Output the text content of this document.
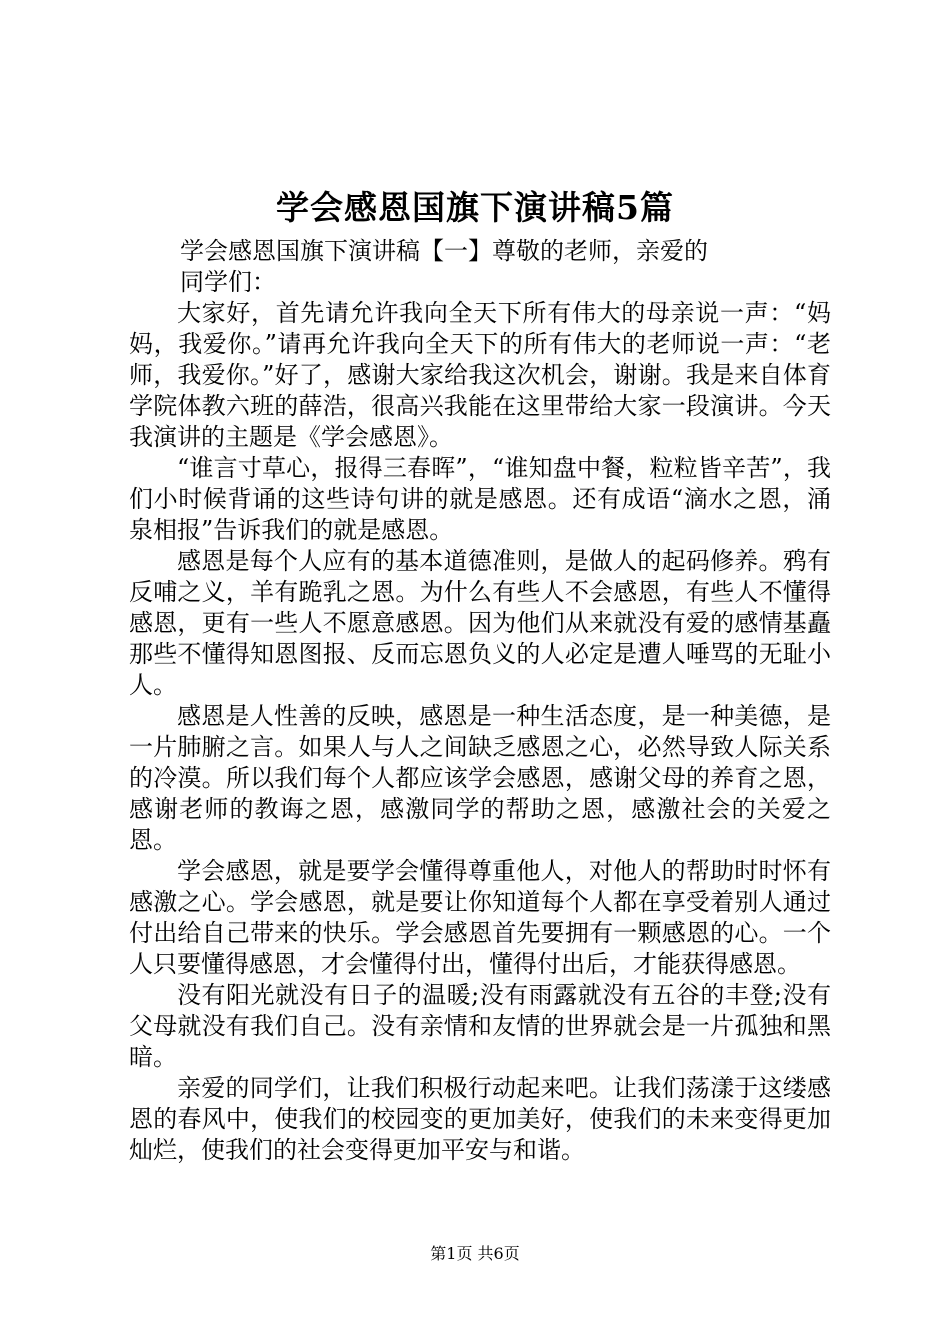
学会感恩国旗下演讲稿5篇

学会感恩国旗下演讲稿【一】尊敬的老师，亲爱的

同学们：

大家好，首先请允许我向全天下所有伟大的母亲说一声：“妈妈，我爱你。”请再允许我向全天下的所有伟大的老师说一声：“老师，我爱你。”好了，感谢大家给我这次机会，谢谢。我是来自体育学院体教六班的薛浩，很高兴我能在这里带给大家一段演讲。今天我演讲的主题是《学会感恩》。

“谁言寸草心，报得三春晖”，“谁知盘中餐，粒粒皆辛苦”，我们小时候背诵的这些诗句讲的就是感恩。还有成语“滴水之恩，涌泉相报”告诉我们的就是感恩。

感恩是每个人应有的基本道德准则，是做人的起码修养。鸦有反哺之义，羊有跪乳之恩。为什么有些人不会感恩，有些人不懂得感恩，更有一些人不愿意感恩。因为他们从来就没有爱的感情基矗那些不懂得知恩图报、反而忘恩负义的人必定是遭人唾骂的无耻小人。

感恩是人性善的反映，感恩是一种生活态度，是一种美德，是一片肺腑之言。如果人与人之间缺乏感恩之心，必然导致人际关系的冷漠。所以我们每个人都应该学会感恩，感谢父母的养育之恩，感谢老师的教诲之恩，感激同学的帮助之恩，感激社会的关爱之恩。

学会感恩，就是要学会懂得尊重他人，对他人的帮助时时怀有感激之心。学会感恩，就是要让你知道每个人都在享受着别人通过付出给自己带来的快乐。学会感恩首先要拥有一颗感恩的心。一个人只要懂得感恩，才会懂得付出，懂得付出后，才能获得感恩。

没有阳光就没有日子的温暖;没有雨露就没有五谷的丰登;没有父母就没有我们自己。没有亲情和友情的世界就会是一片孤独和黑暗。

亲爱的同学们，让我们积极行动起来吧。让我们荡漾于这缕感恩的春风中，使我们的校园变的更加美好，使我们的未来变得更加灿烂，使我们的社会变得更加平安与和谐。

第1页 共6页
